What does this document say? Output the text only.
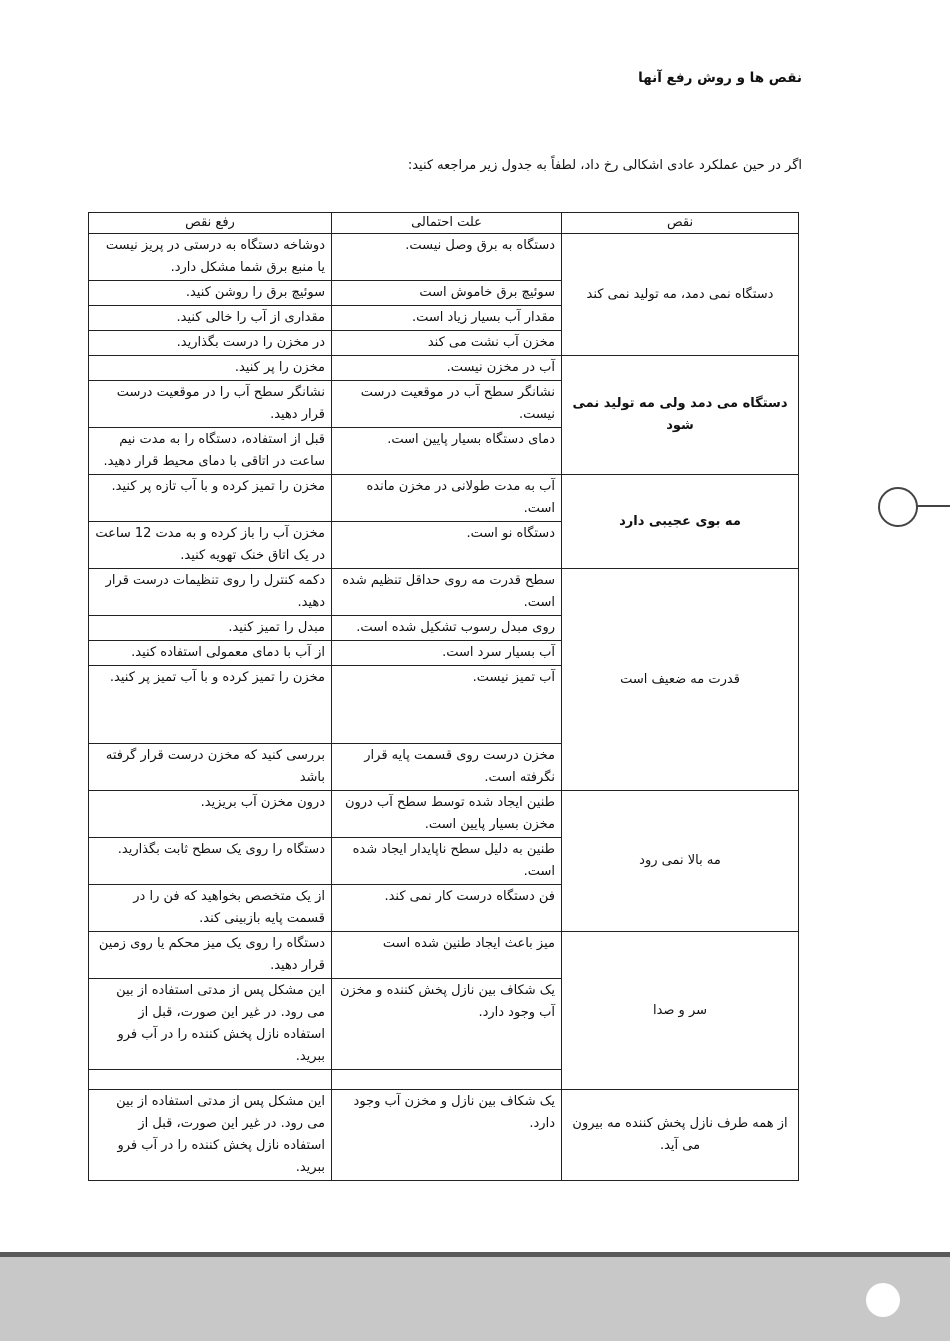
نقص ها و روش رفع آنها
اگر در حین عملکرد عادی اشکالی رخ داد، لطفاً به جدول زیر مراجعه کنید:
نقص	علت احتمالی	رفع نقص
دستگاه نمی دمد، مه تولید نمی کند	دستگاه به برق وصل نیست.	دوشاخه دستگاه به درستی در پریز نیست یا منبع برق شما مشکل دارد.
	سوئیچ برق خاموش است	سوئیچ برق را روشن کنید.
	مقدار آب بسیار زیاد است.	مقداری از آب را خالی کنید.
	مخزن آب نشت می کند	در مخزن را درست بگذارید.
دستگاه می دمد ولی مه تولید نمی شود	آب در مخزن نیست.	مخزن را پر کنید.
	نشانگر سطح آب در موقعیت درست نیست.	نشانگر سطح آب را در موقعیت درست قرار دهید.
	دمای دستگاه بسیار پایین است.	قبل از استفاده، دستگاه را به مدت نیم ساعت در اتاقی با دمای محیط قرار دهید.
مه بوی عجیبی دارد	آب به مدت طولانی در مخزن مانده است.	مخزن را تمیز کرده و با آب تازه پر کنید.
	دستگاه نو است.	مخزن آب را باز کرده و به مدت 12 ساعت در یک اتاق خنک تهویه کنید.
قدرت مه ضعیف است	سطح قدرت مه روی حداقل تنظیم شده است.	دکمه کنترل را روی تنظیمات درست قرار دهید.
	روی مبدل رسوب تشکیل شده است.	مبدل را تمیز کنید.
	آب بسیار سرد است.	از آب با دمای معمولی استفاده کنید.
	آب تمیز نیست.	مخزن را تمیز کرده و با آب تمیز پر کنید.
	مخزن درست روی قسمت پایه قرار نگرفته است.	بررسی کنید که مخزن درست قرار گرفته باشد
مه بالا نمی رود	طنین ایجاد شده توسط سطح آب درون مخزن بسیار پایین است.	درون مخزن آب بریزید.
	طنین به دلیل سطح ناپایدار ایجاد شده است.	دستگاه را روی یک سطح ثابت بگذارید.
	فن دستگاه درست کار نمی کند.	از یک متخصص بخواهید که فن را در قسمت پایه بازبینی کند.
سر و صدا	میز باعث ایجاد طنین شده است	دستگاه را روی یک میز محکم یا روی زمین قرار دهید.
	یک شکاف بین نازل پخش کننده و مخزن آب وجود دارد.	این مشکل پس از مدتی استفاده از بین می رود. در غیر این صورت، قبل از استفاده نازل پخش کننده را در آب فرو ببرید.

از همه طرف نازل پخش کننده مه بیرون می آید.	یک شکاف بین نازل و مخزن آب وجود دارد.	این مشکل پس از مدتی استفاده از بین می رود. در غیر این صورت، قبل از استفاده نازل پخش کننده را در آب فرو ببرید.
